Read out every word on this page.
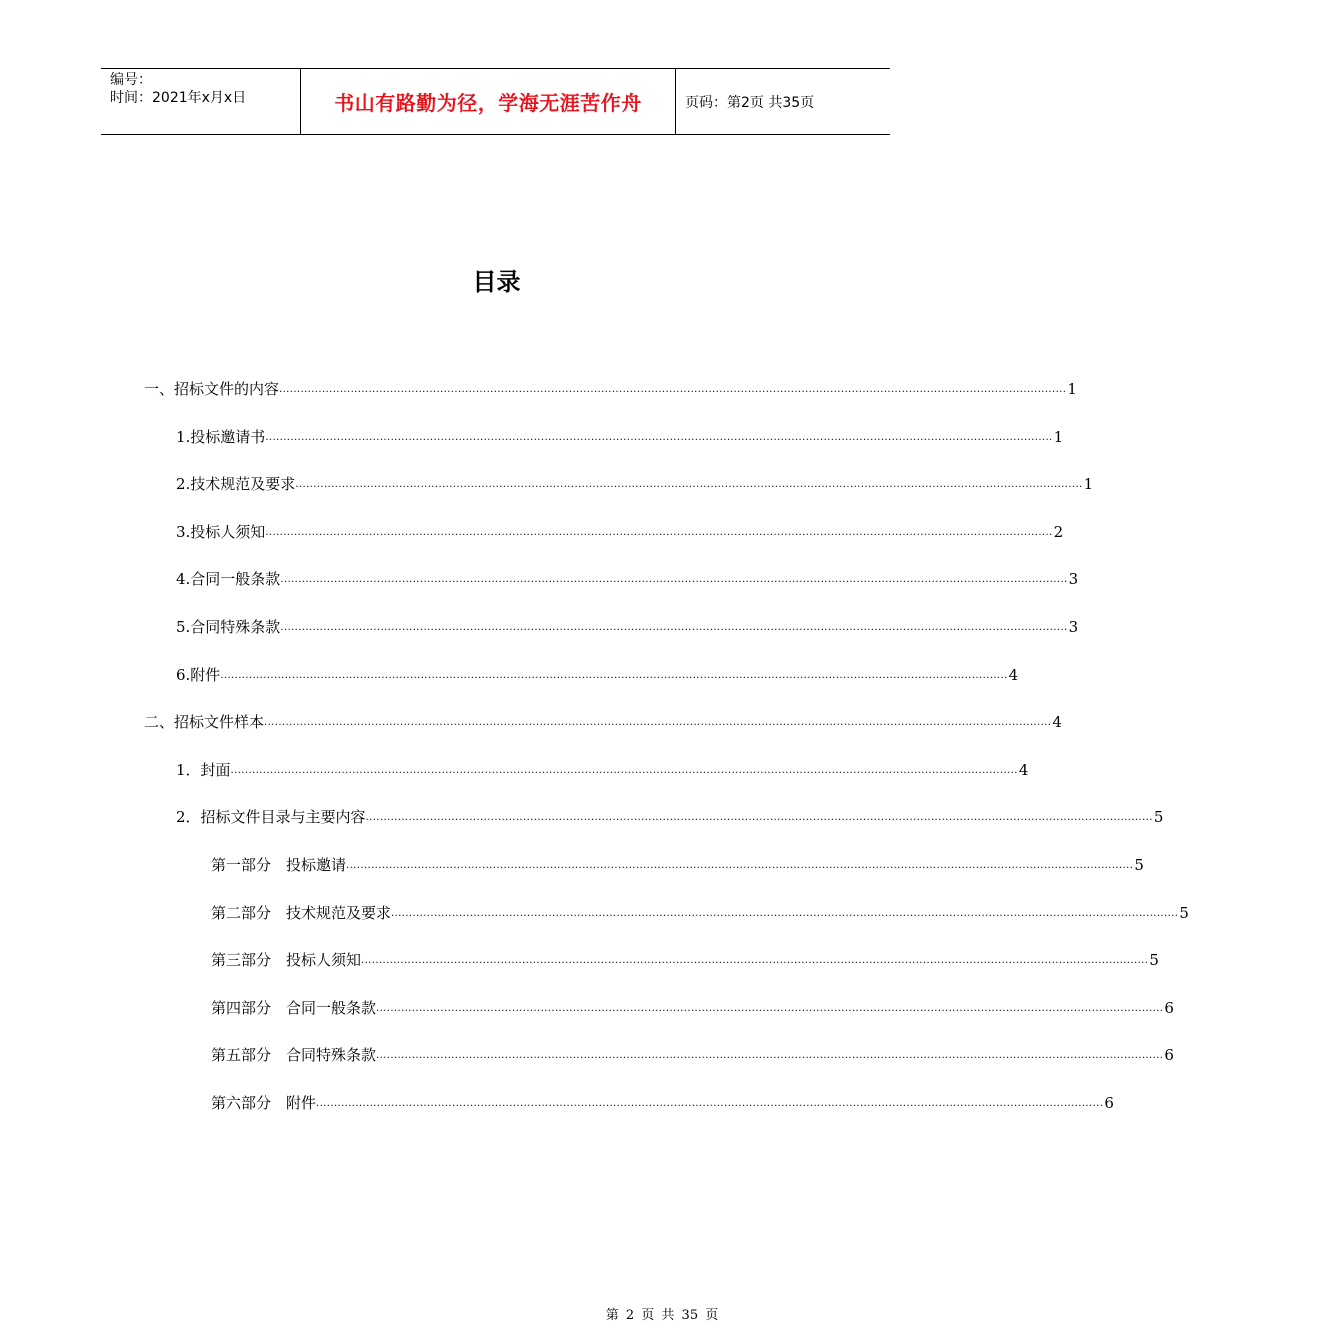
编号：
时间：2021年x月x日	书山有路勤为径，学海无涯苦作舟	页码：第2页 共35页
目录
一、招标文件的内容 ............................................................................................................................................................................................................................ 1
1.投标邀请书 ............................................................................................................................................................................................................................ 1
2.技术规范及要求 ............................................................................................................................................................................................................................ 1
3.投标人须知 ............................................................................................................................................................................................................................ 2
4.合同一般条款 ............................................................................................................................................................................................................................ 3
5.合同特殊条款 ............................................................................................................................................................................................................................ 3
6.附件 ............................................................................................................................................................................................................................ 4
二、招标文件样本 ............................................................................................................................................................................................................................ 4
1．封面 ............................................................................................................................................................................................................................ 4
2．招标文件目录与主要内容 ............................................................................................................................................................................................................................ 5
第一部分　投标邀请 ............................................................................................................................................................................................................................ 5
第二部分　技术规范及要求 ............................................................................................................................................................................................................................ 5
第三部分　投标人须知 ............................................................................................................................................................................................................................ 5
第四部分　合同一般条款 ............................................................................................................................................................................................................................ 6
第五部分　合同特殊条款 ............................................................................................................................................................................................................................ 6
第六部分　附件 ............................................................................................................................................................................................................................ 6
第 2 页 共 35 页
